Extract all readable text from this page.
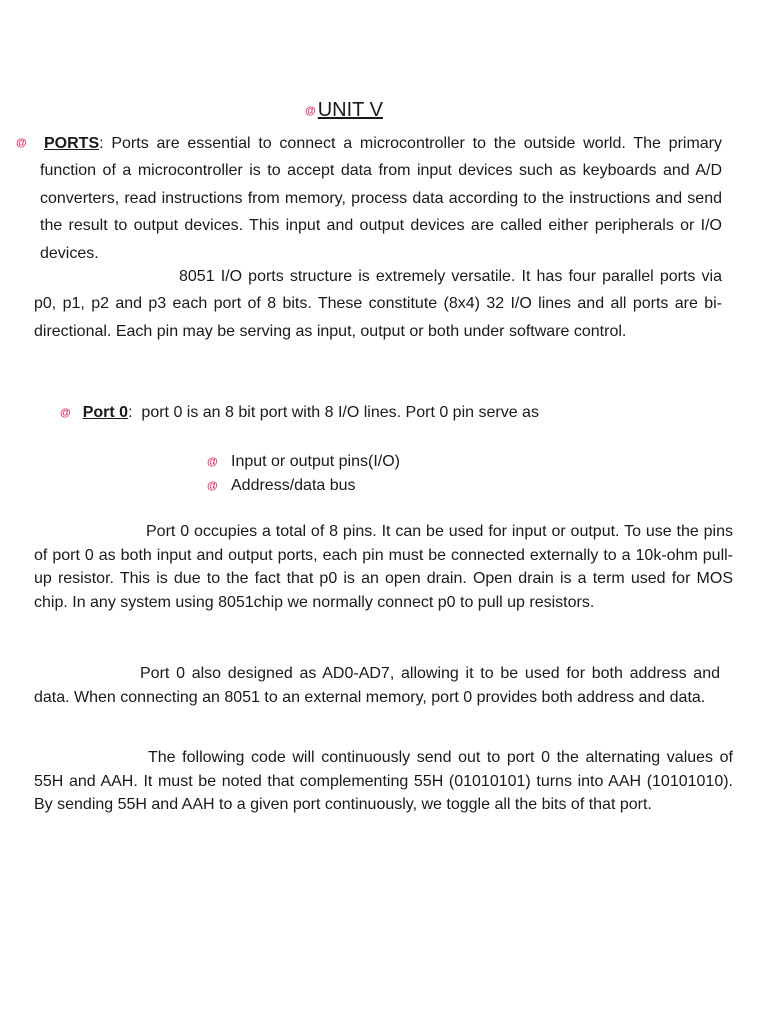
@ UNIT V
@ PORTS: Ports are essential to connect a microcontroller to the outside world. The primary function of a microcontroller is to accept data from input devices such as keyboards and A/D converters, read instructions from memory, process data according to the instructions and send the result to output devices. This input and output devices are called either peripherals or I/O devices.

8051 I/O ports structure is extremely versatile. It has four parallel ports via p0, p1, p2 and p3 each port of 8 bits. These constitute (8x4) 32 I/O lines and all ports are bi-directional. Each pin may be serving as input, output or both under software control.

@ Port 0:  port 0 is an 8 bit port with 8 I/O lines. Port 0 pin serve as
@ Input or output pins(I/O)
@ Address/data bus

Port 0 occupies a total of 8 pins. It can be used for input or output. To use the pins of port 0 as both input and output ports, each pin must be connected externally to a 10k-ohm pull-up resistor. This is due to the fact that p0 is an open drain. Open drain is a term used for MOS chip. In any system using 8051chip we normally connect p0 to pull up resistors.

Port 0 also designed as AD0-AD7, allowing it to be used for both address and data. When connecting an 8051 to an external memory, port 0 provides both address and data.

The following code will continuously send out to port 0 the alternating values of 55H and AAH. It must be noted that complementing 55H (01010101) turns into AAH (10101010). By sending 55H and AAH to a given port continuously, we toggle all the bits of that port.
